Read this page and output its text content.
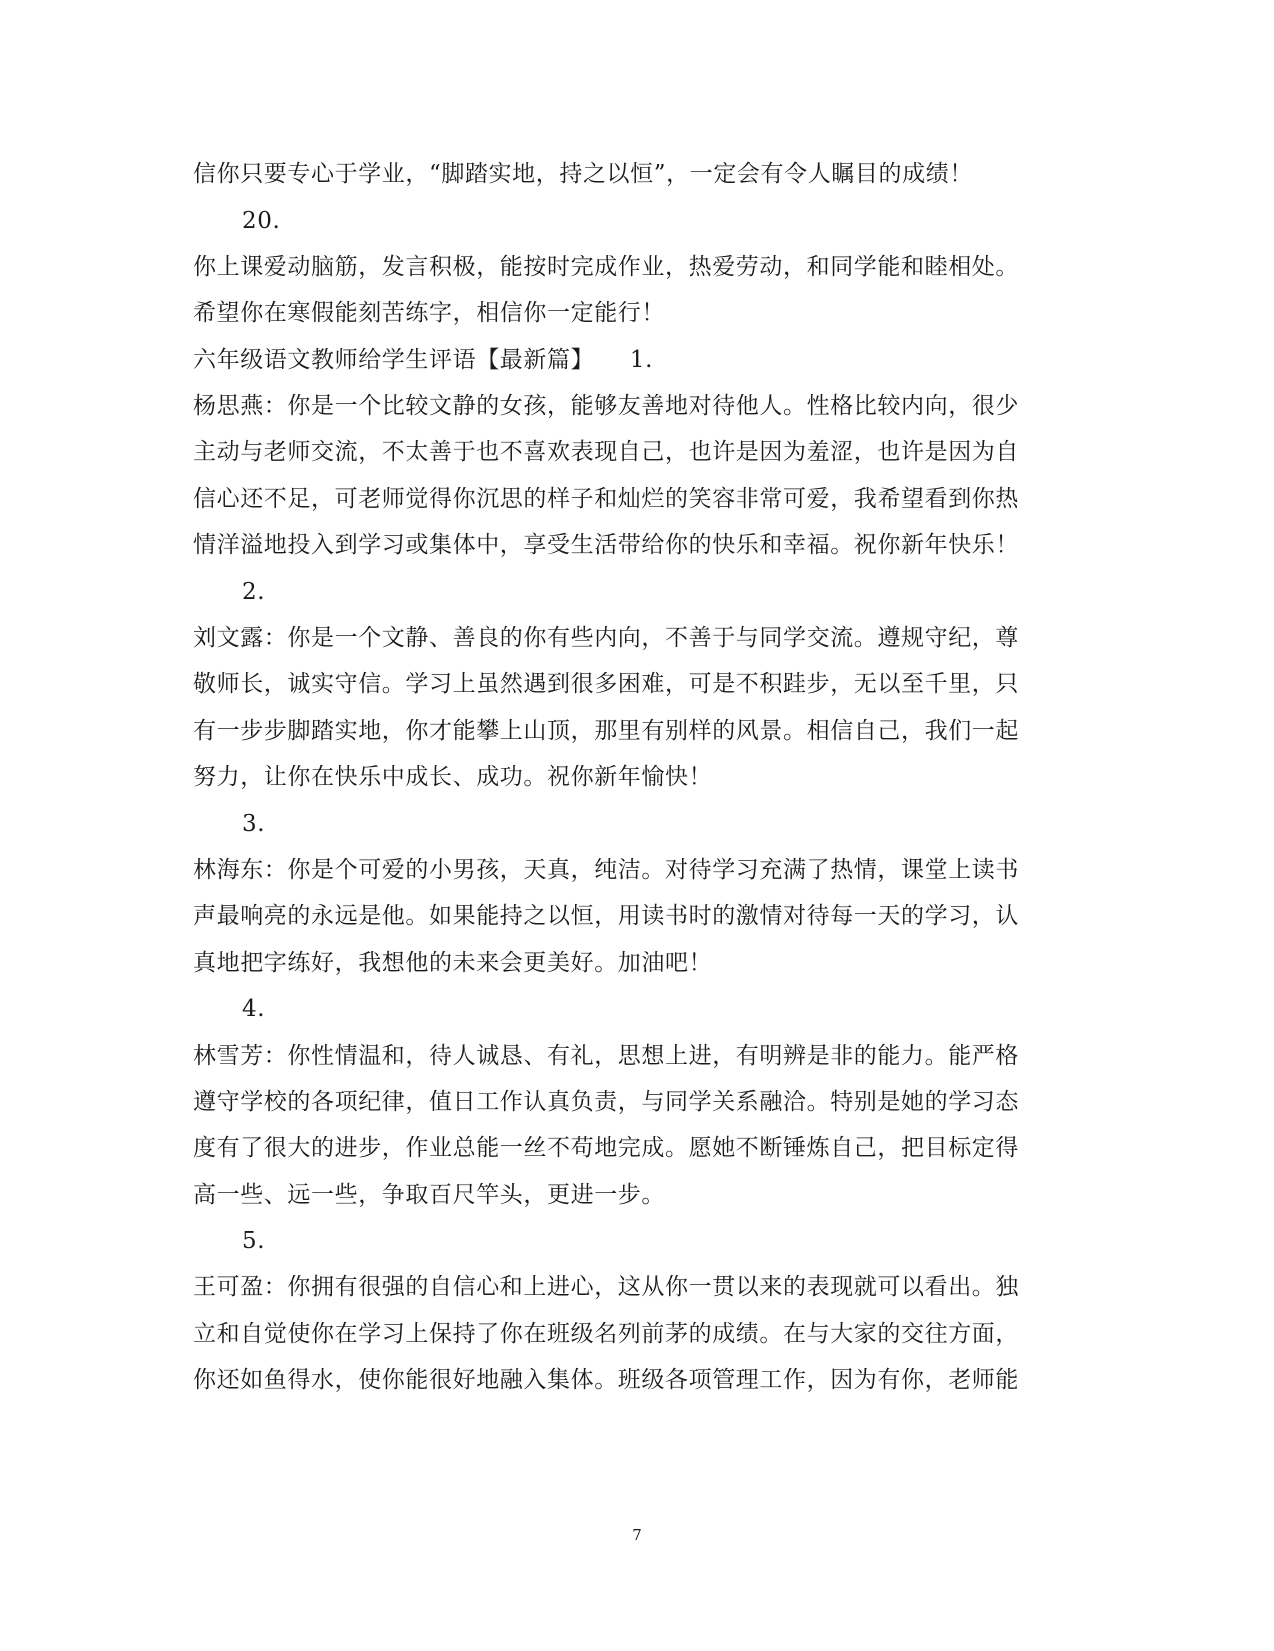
信你只要专心于学业，“脚踏实地，持之以恒”，一定会有令人瞩目的成绩！
20.
你上课爱动脑筋，发言积极，能按时完成作业，热爱劳动，和同学能和睦相处。
希望你在寒假能刻苦练字，相信你一定能行！
六年级语文教师给学生评语【最新篇】　　1.
杨思燕：你是一个比较文静的女孩，能够友善地对待他人。性格比较内向，很少
主动与老师交流，不太善于也不喜欢表现自己，也许是因为羞涩，也许是因为自
信心还不足，可老师觉得你沉思的样子和灿烂的笑容非常可爱，我希望看到你热
情洋溢地投入到学习或集体中，享受生活带给你的快乐和幸福。祝你新年快乐！
2.
刘文露：你是一个文静、善良的你有些内向，不善于与同学交流。遵规守纪，尊
敬师长，诚实守信。学习上虽然遇到很多困难，可是不积跬步，无以至千里，只
有一步步脚踏实地，你才能攀上山顶，那里有别样的风景。相信自己，我们一起
努力，让你在快乐中成长、成功。祝你新年愉快！
3.
林海东：你是个可爱的小男孩，天真，纯洁。对待学习充满了热情，课堂上读书
声最响亮的永远是他。如果能持之以恒，用读书时的激情对待每一天的学习，认
真地把字练好，我想他的未来会更美好。加油吧！
4.
林雪芳：你性情温和，待人诚恳、有礼，思想上进，有明辨是非的能力。能严格
遵守学校的各项纪律，值日工作认真负责，与同学关系融洽。特别是她的学习态
度有了很大的进步，作业总能一丝不苟地完成。愿她不断锤炼自己，把目标定得
高一些、远一些，争取百尺竿头，更进一步。
5.
王可盈：你拥有很强的自信心和上进心，这从你一贯以来的表现就可以看出。独
立和自觉使你在学习上保持了你在班级名列前茅的成绩。在与大家的交往方面，
你还如鱼得水，使你能很好地融入集体。班级各项管理工作，因为有你，老师能
7
